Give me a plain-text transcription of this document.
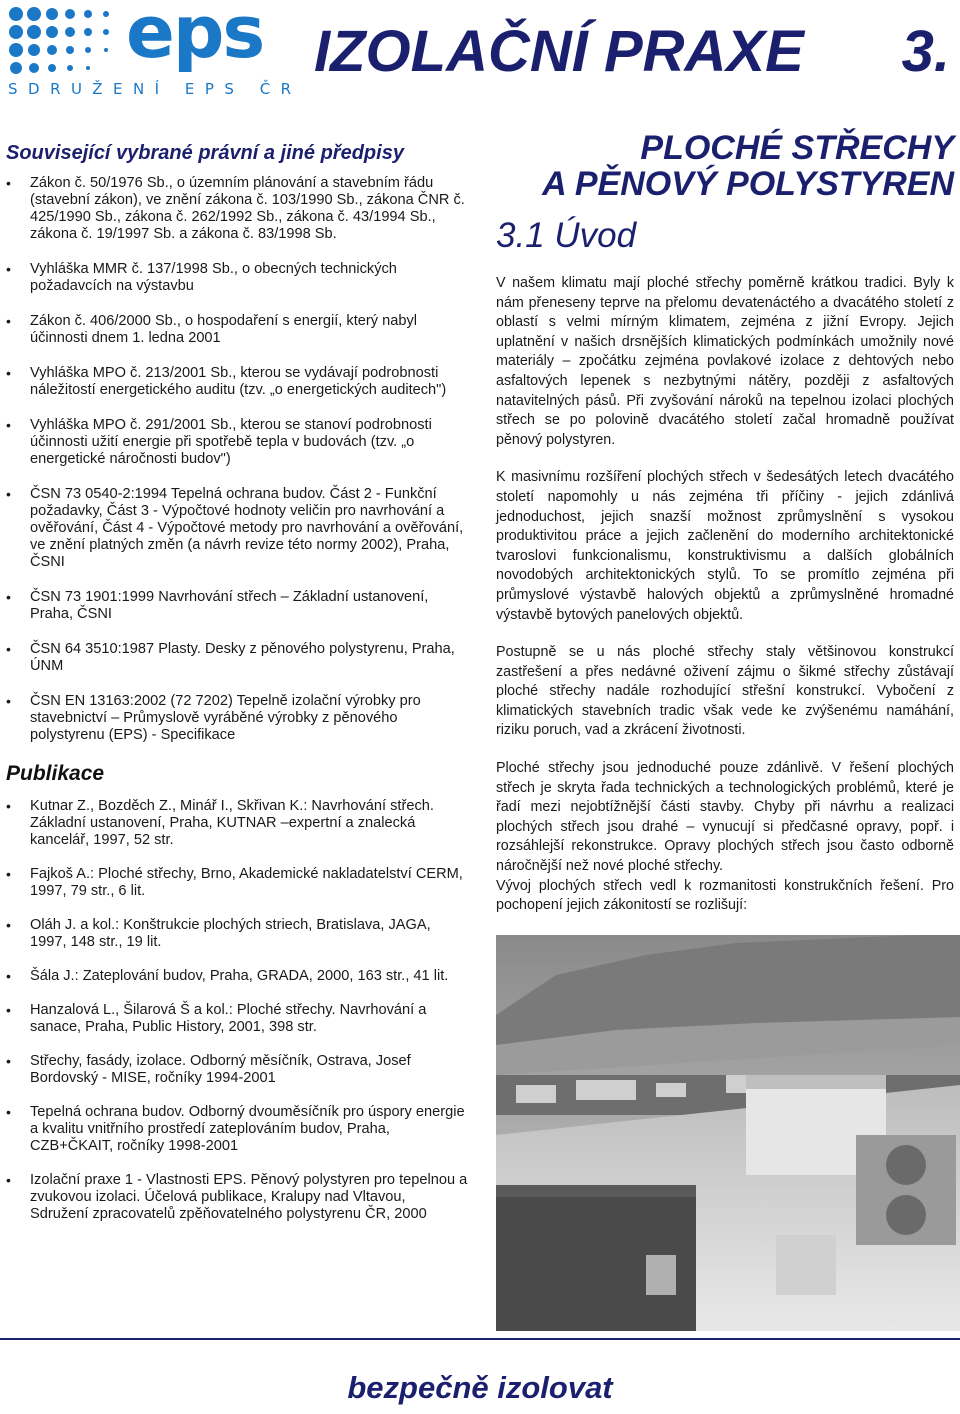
eps
SDRUŽENÍ EPS ČR
IZOLAČNÍ PRAXE 3.
Související vybrané právní a jiné předpisy
• Zákon č. 50/1976 Sb., o územním plánování a stavebním řádu (stavební zákon), ve znění zákona č. 103/1990 Sb., zákona ČNR č. 425/1990 Sb., zákona č. 262/1992 Sb., zákona č. 43/1994 Sb., zákona č. 19/1997 Sb. a zákona č. 83/1998 Sb.
• Vyhláška MMR č. 137/1998 Sb., o obecných technických požadavcích na výstavbu
• Zákon č. 406/2000 Sb., o hospodaření s energií, který nabyl účinnosti dnem 1. ledna 2001
• Vyhláška MPO č. 213/2001 Sb., kterou se vydávají podrobnosti náležitostí energetického auditu (tzv. „o energetických auditech")
• Vyhláška MPO č. 291/2001 Sb., kterou se stanoví podrobnosti účinnosti užití energie při spotřebě tepla v budovách (tzv. „o energetické náročnosti budov")
• ČSN 73 0540-2:1994 Tepelná ochrana budov. Část 2 - Funkční požadavky, Část 3 - Výpočtové hodnoty veličin pro navrhování a ověřování, Část 4 - Výpočtové metody pro navrhování a ověřování, ve znění platných změn (a návrh revize této normy 2002), Praha, ČSNI
• ČSN 73 1901:1999 Navrhování střech – Základní ustanovení, Praha, ČSNI
• ČSN 64 3510:1987 Plasty. Desky z pěnového polystyrenu, Praha, ÚNM
• ČSN EN 13163:2002 (72 7202) Tepelně izolační výrobky pro stavebnictví – Průmyslově vyráběné výrobky z pěnového polystyrenu (EPS) - Specifikace
Publikace
• Kutnar Z., Bozděch Z., Minář I., Skřivan K.: Navrhování střech. Základní ustanovení, Praha, KUTNAR –expertní a znalecká kancelář, 1997, 52 str.
• Fajkoš A.: Ploché střechy, Brno, Akademické nakladatelství CERM, 1997, 79 str., 6 lit.
• Oláh J. a kol.: Konštrukcie plochých striech, Bratislava, JAGA, 1997, 148 str., 19 lit.
• Šála J.: Zateplování budov, Praha, GRADA, 2000, 163 str., 41 lit.
• Hanzalová L., Šilarová Š a kol.: Ploché střechy. Navrhování a sanace, Praha, Public History, 2001, 398 str.
• Střechy, fasády, izolace. Odborný měsíčník, Ostrava, Josef Bordovský - MISE, ročníky 1994-2001
• Tepelná ochrana budov. Odborný dvouměsíčník pro úspory energie a kvalitu vnitřního prostředí zateplováním budov, Praha, CZB+ČKAIT, ročníky 1998-2001
• Izolační praxe 1 - Vlastnosti EPS. Pěnový polystyren pro tepelnou a zvukovou izolaci. Účelová publikace, Kralupy nad Vltavou, Sdružení zpracovatelů zpěňovatelného polystyrenu ČR, 2000
PLOCHÉ STŘECHY
A PĚNOVÝ POLYSTYREN
3.1 Úvod

V našem klimatu mají ploché střechy poměrně krátkou tradici. Byly k nám přeneseny teprve na přelomu devatenáctého a dvacátého století z oblastí s velmi mírným klimatem, zejména z jižní Evropy. Jejich uplatnění v našich drsnějších klimatických podmínkách umožnily nové materiály – zpočátku zejména povlakové izolace z dehtových nebo asfaltových lepenek s nezbytnými nátěry, později z asfaltových natavitelných pásů. Při zvyšování nároků na tepelnou izolaci plochých střech se po polovině dvacátého století začal hromadně používat pěnový polystyren.

K masivnímu rozšíření plochých střech v šedesátých letech dvacátého století napomohly u nás zejména tři příčiny - jejich zdánlivá jednoduchost, jejich snazší možnost zprůmyslnění s vysokou produktivitou práce a jejich začlenění do moderního architektonické tvaroslovi funkcionalismu, konstruktivismu a dalších globálních novodobých architektonických stylů. To se promítlo zejména při průmyslové výstavbě halových objektů a zprůmyslněné hromadné výstavbě bytových panelových objektů.

Postupně se u nás ploché střechy staly většinovou konstrukcí zastřešení a přes nedávné oživení zájmu o šikmé střechy zůstávají ploché střechy nadále rozhodující střešní konstrukcí. Vybočení z klimatických stavebních tradic však vede ke zvýšenému namáhání, riziku poruch, vad a zkrácení životnosti.

Ploché střechy jsou jednoduché pouze zdánlivě. V řešení plochých střech je skryta řada technických a technologických problémů, které je řadí mezi nejobtížnější části stavby. Chyby při návrhu a realizaci plochých střech jsou drahé – vynucují si předčasné opravy, popř. i rozsáhlejší rekonstrukce. Opravy plochých střech jsou často odborně náročnější než nové ploché střechy.

Vývoj plochých střech vedl k rozmanitosti konstrukčních řešení. Pro pochopení jejich zákonitostí se rozlišují:

bezpečně izolovat
